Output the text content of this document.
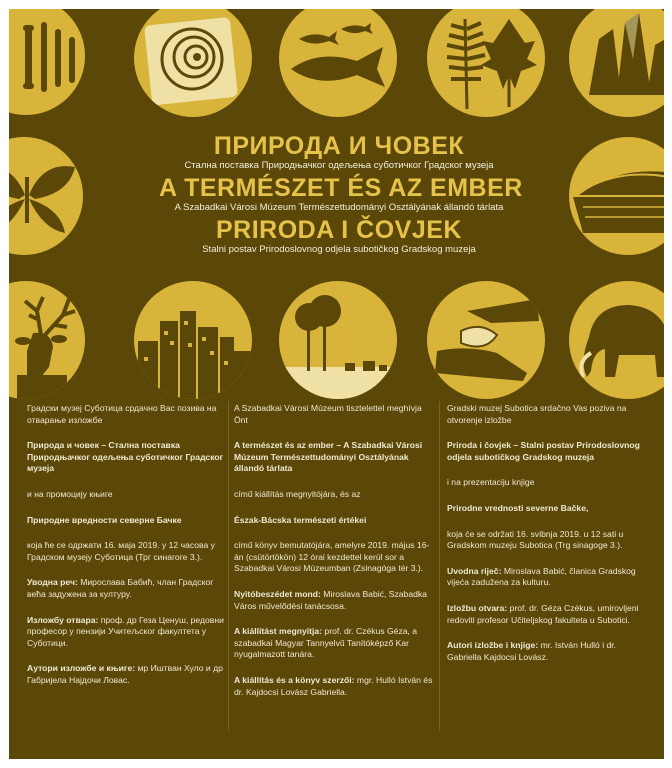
ПРИРОДА И ЧОВЕК

Стална поставка Природњачког одељења суботичког Градског музеја

A TERMÉSZET ÉS AZ EMBER

A Szabadkai Városi Múzeum Természettudományi Osztályának állandó tárlata

PRIRODA I ČOVJEK

Stalni postav Prirodoslovnog odjela subotičkog Gradskog muzeja

Градски музеј Суботица срдачно Вас позива на отварање изложбе

Природа и човек – Стална поставка Природњачког одељења суботичког Градског музеја

и на промоцију књиге

Природне вредности северне Бачке

која ће се одржати 16. маја 2019. у 12 часова у Градском музеју Суботица (Трг синагоге 3.).

Уводна реч: Мирослава Бабић, члан Градског већа задужена за културу.

Изложбу отвара: проф. др Геза Ценуш, редовни професор у пензији Учитељског факултета у Суботици.

Аутори изложбе и књиге: мр Иштван Хуло и др Габријела Најдочи Ловас.

A Szabadkai Városi Múzeum tisztelettel meghívja Önt

A természet és az ember – A Szabadkai Városi Múzeum Természettudományi Osztályának állandó tárlata

című kiállítás megnyitójára, és az

Észak-Bácska természeti értékei

című könyv bemutatójára, amelyre 2019. május 16-án (csütörtökön) 12 órai kezdettel kerül sor a Szabadkai Városi Múzeumban (Zsinagóga tér 3.).

Nyitóbeszédet mond: Miroslava Babić, Szabadka Város művelődési tanácsosa.

A kiállítást megnyitja: prof. dr. Czékus Géza, a szabadkai Magyar Tannyelvű Tanítóképző Kar nyugalmazott tanára.

A kiállítás és a könyv szerzői: mgr. Hulló István és dr. Kajdocsi Lovász Gabriella.

Gradski muzej Subotica srdačno Vas poziva na otvorenje izložbe

Priroda i čovjek – Stalni postav Prirodoslovnog odjela subotičkog Gradskog muzeja

i na prezentaciju knjige

Prirodne vrednosti severne Bačke,

koja će se održati 16. svibnja 2019. u 12 sati u Gradskom muzeju Subotica (Trg sinagoge 3.).

Uvodna riječ: Miroslava Babić, članica Gradskog vijeća zadužena za kulturu.

Izložbu otvara: prof. dr. Géza Czékus, umirovljeni redoviti profesor Učiteljskog fakulteta u Subotici.

Autori izložbe i knjige: mr. István Hulló i dr. Gabriella Kajdocsi Lovász.
